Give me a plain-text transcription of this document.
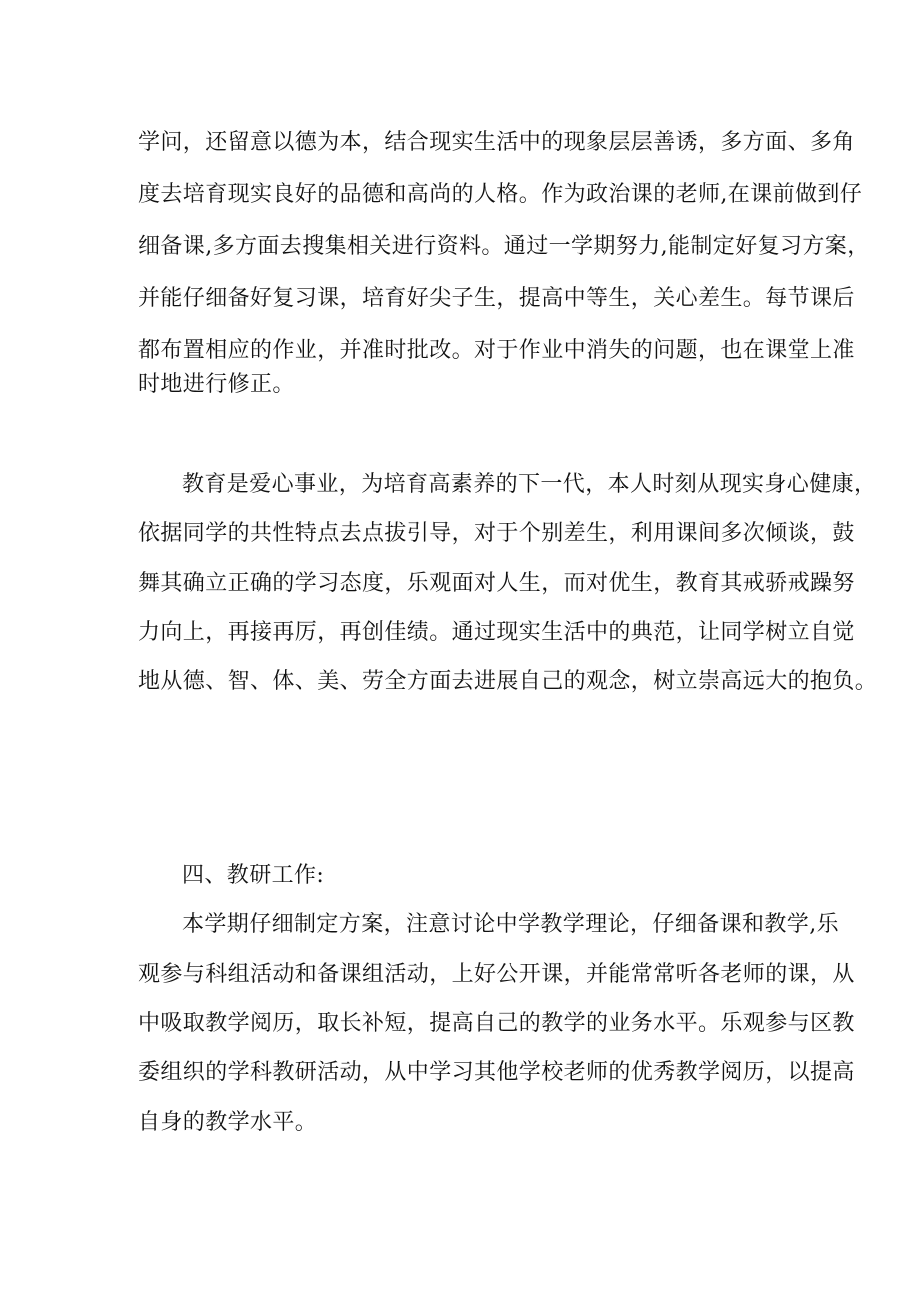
学问，还留意以德为本，结合现实生活中的现象层层善诱，多方面、多角
度去培育现实良好的品德和高尚的人格。作为政治课的老师,在课前做到仔
细备课,多方面去搜集相关进行资料。通过一学期努力,能制定好复习方案，
并能仔细备好复习课，培育好尖子生，提高中等生，关心差生。每节课后
都布置相应的作业，并准时批改。对于作业中消失的问题，也在课堂上准
时地进行修正。
教育是爱心事业，为培育高素养的下一代，本人时刻从现实身心健康，
依据同学的共性特点去点拔引导，对于个别差生，利用课间多次倾谈，鼓
舞其确立正确的学习态度，乐观面对人生，而对优生，教育其戒骄戒躁努
力向上，再接再厉，再创佳绩。通过现实生活中的典范，让同学树立自觉
地从德、智、体、美、劳全方面去进展自己的观念，树立崇高远大的抱负。
四、教研工作:
本学期仔细制定方案，注意讨论中学教学理论，仔细备课和教学,乐
观参与科组活动和备课组活动，上好公开课，并能常常听各老师的课，从
中吸取教学阅历，取长补短，提高自己的教学的业务水平。乐观参与区教
委组织的学科教研活动，从中学习其他学校老师的优秀教学阅历，以提高
自身的教学水平。
